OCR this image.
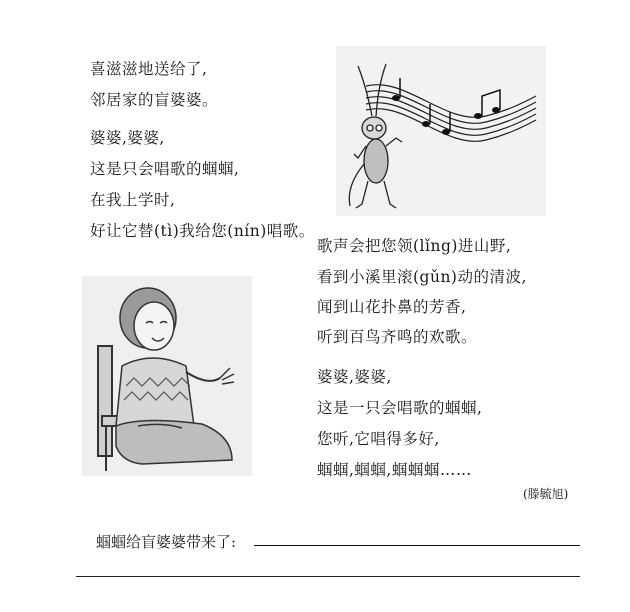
喜滋滋地送给了,
邻居家的盲婆婆。
婆婆,婆婆,
这是只会唱歌的蝈蝈,
在我上学时,
好让它替(tì)我给您(nín)唱歌。
歌声会把您领(lǐng)进山野,
看到小溪里滚(gǔn)动的清波,
闻到山花扑鼻的芳香,
听到百鸟齐鸣的欢歌。
婆婆,婆婆,
这是一只会唱歌的蝈蝈,
您听,它唱得多好,
蝈蝈,蝈蝈,蝈蝈蝈……
(滕毓旭)
蝈蝈给盲婆婆带来了:
